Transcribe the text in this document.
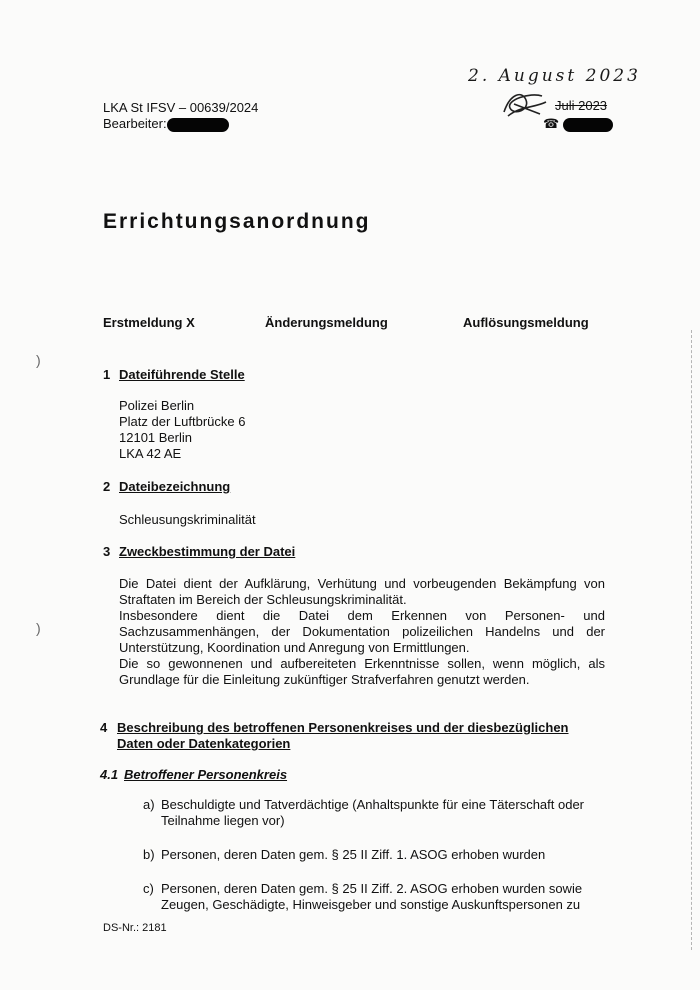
LKA St IFSV – 00639/2024
Bearbeiter:
2. August 2023
Juli 2023
☎
Errichtungsanordnung
Erstmeldung X	Änderungsmeldung	Auflösungsmeldung
1 Dateiführende Stelle
Polizei Berlin
Platz der Luftbrücke 6
12101 Berlin
LKA 42 AE
2 Dateibezeichnung
Schleusungskriminalität
3 Zweckbestimmung der Datei
Die Datei dient der Aufklärung, Verhütung und vorbeugenden Bekämpfung von Straftaten im Bereich der Schleusungskriminalität.
Insbesondere dient die Datei dem Erkennen von Personen- und Sachzusammenhängen, der Dokumentation polizeilichen Handelns und der Unterstützung, Koordination und Anregung von Ermittlungen.
Die so gewonnenen und aufbereiteten Erkenntnisse sollen, wenn möglich, als Grundlage für die Einleitung zukünftiger Strafverfahren genutzt werden.
4 Beschreibung des betroffenen Personenkreises und der diesbezüglichen
Daten oder Datenkategorien
4.1 Betroffener Personenkreis
a) Beschuldigte und Tatverdächtige (Anhaltspunkte für eine Täterschaft oder Teilnahme liegen vor)
b) Personen, deren Daten gem. § 25 II Ziff. 1. ASOG erhoben wurden
c) Personen, deren Daten gem. § 25 II Ziff. 2. ASOG erhoben wurden sowie Zeugen, Geschädigte, Hinweisgeber und sonstige Auskunftspersonen zu
DS-Nr.: 2181
)
)
